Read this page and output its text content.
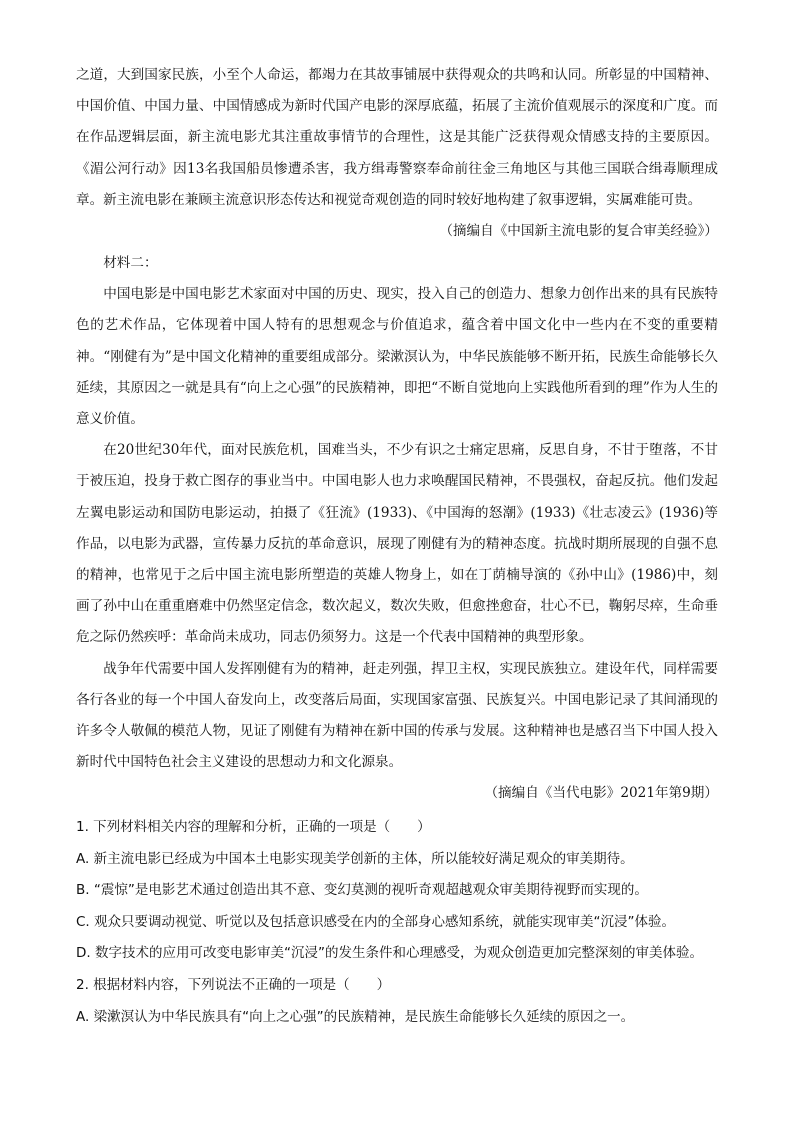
之道，大到国家民族，小至个人命运，都竭力在其故事铺展中获得观众的共鸣和认同。所彰显的中国精神、中国价值、中国力量、中国情感成为新时代国产电影的深厚底蕴，拓展了主流价值观展示的深度和广度。而在作品逻辑层面，新主流电影尤其注重故事情节的合理性，这是其能广泛获得观众情感支持的主要原因。《湄公河行动》因13名我国船员惨遭杀害，我方缉毒警察奉命前往金三角地区与其他三国联合缉毒顺理成章。新主流电影在兼顾主流意识形态传达和视觉奇观创造的同时较好地构建了叙事逻辑，实属难能可贵。

（摘编自《中国新主流电影的复合审美经验》）

材料二：

中国电影是中国电影艺术家面对中国的历史、现实，投入自己的创造力、想象力创作出来的具有民族特色的艺术作品，它体现着中国人特有的思想观念与价值追求，蕴含着中国文化中一些内在不变的重要精神。“刚健有为”是中国文化精神的重要组成部分。梁漱溟认为，中华民族能够不断开拓，民族生命能够长久延续，其原因之一就是具有“向上之心强”的民族精神，即把“不断自觉地向上实践他所看到的理”作为人生的意义价值。

在20世纪30年代，面对民族危机，国难当头，不少有识之士痛定思痛，反思自身，不甘于堕落，不甘于被压迫，投身于救亡图存的事业当中。中国电影人也力求唤醒国民精神，不畏强权，奋起反抗。他们发起左翼电影运动和国防电影运动，拍摄了《狂流》(1933)、《中国海的怒潮》(1933)《壮志凌云》(1936)等作品，以电影为武器，宣传暴力反抗的革命意识，展现了刚健有为的精神态度。抗战时期所展现的自强不息的精神，也常见于之后中国主流电影所塑造的英雄人物身上，如在丁荫楠导演的《孙中山》(1986)中，刻画了孙中山在重重磨难中仍然坚定信念，数次起义，数次失败，但愈挫愈奋，壮心不已，鞠躬尽瘁，生命垂危之际仍然疾呼：革命尚未成功，同志仍须努力。这是一个代表中国精神的典型形象。

战争年代需要中国人发挥刚健有为的精神，赶走列强，捍卫主权，实现民族独立。建设年代，同样需要各行各业的每一个中国人奋发向上，改变落后局面，实现国家富强、民族复兴。中国电影记录了其间涌现的许多令人敬佩的模范人物，见证了刚健有为精神在新中国的传承与发展。这种精神也是感召当下中国人投入新时代中国特色社会主义建设的思想动力和文化源泉。

（摘编自《当代电影》2021年第9期）

1. 下列材料相关内容的理解和分析，正确的一项是（　　）
A. 新主流电影已经成为中国本土电影实现美学创新的主体，所以能较好满足观众的审美期待。
B. “震惊”是电影艺术通过创造出其不意、变幻莫测的视听奇观超越观众审美期待视野而实现的。
C. 观众只要调动视觉、听觉以及包括意识感受在内的全部身心感知系统，就能实现审美“沉浸”体验。
D. 数字技术的应用可改变电影审美“沉浸”的发生条件和心理感受，为观众创造更加完整深刻的审美体验。
2. 根据材料内容，下列说法不正确的一项是（　　）
A. 梁漱溟认为中华民族具有“向上之心强”的民族精神，是民族生命能够长久延续的原因之一。
